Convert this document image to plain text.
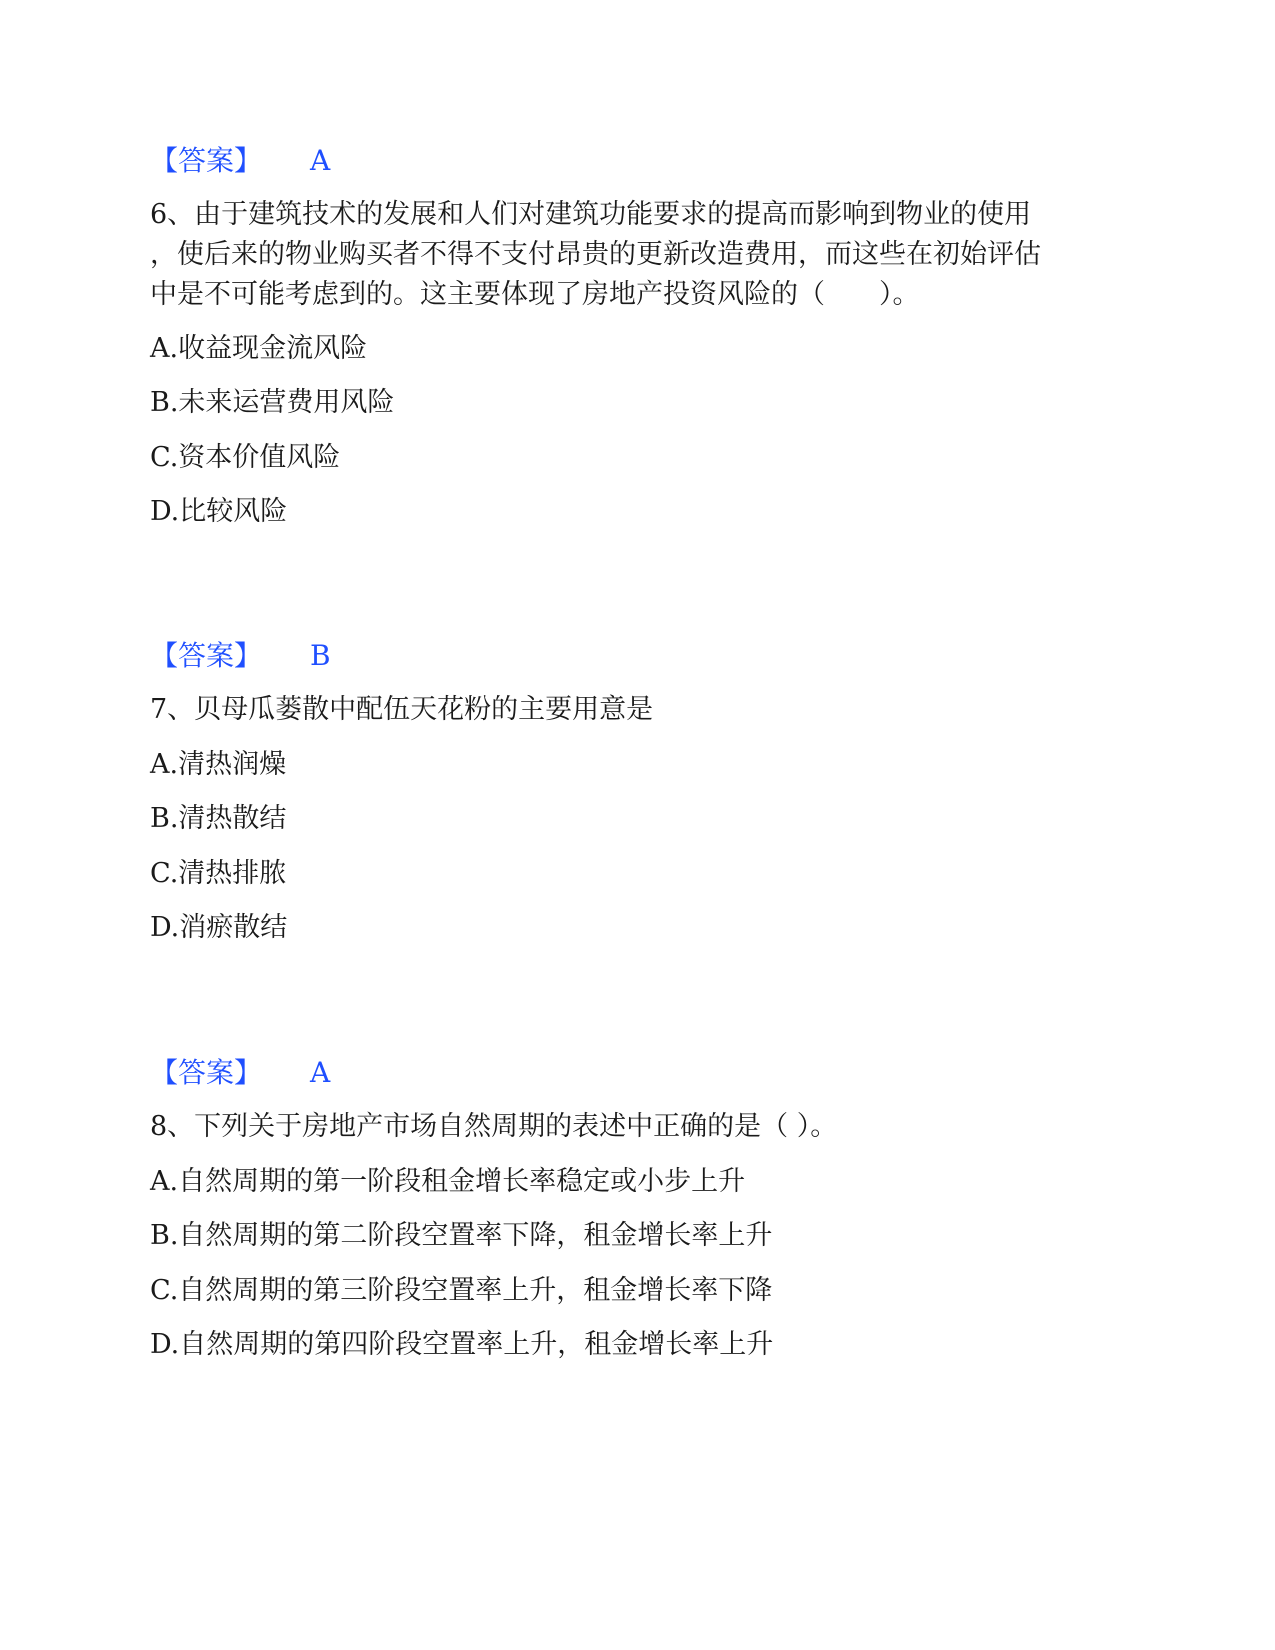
【答案】 A
6、由于建筑技术的发展和人们对建筑功能要求的提高而影响到物业的使用
，使后来的物业购买者不得不支付昂贵的更新改造费用，而这些在初始评估
中是不可能考虑到的。这主要体现了房地产投资风险的（　　）。
A.收益现金流风险
B.未来运营费用风险
C.资本价值风险
D.比较风险
【答案】 B
7、贝母瓜蒌散中配伍天花粉的主要用意是
A.清热润燥
B.清热散结
C.清热排脓
D.消瘀散结
【答案】 A
8、下列关于房地产市场自然周期的表述中正确的是（ ）。
A.自然周期的第一阶段租金增长率稳定或小步上升
B.自然周期的第二阶段空置率下降，租金增长率上升
C.自然周期的第三阶段空置率上升，租金增长率下降
D.自然周期的第四阶段空置率上升，租金增长率上升
